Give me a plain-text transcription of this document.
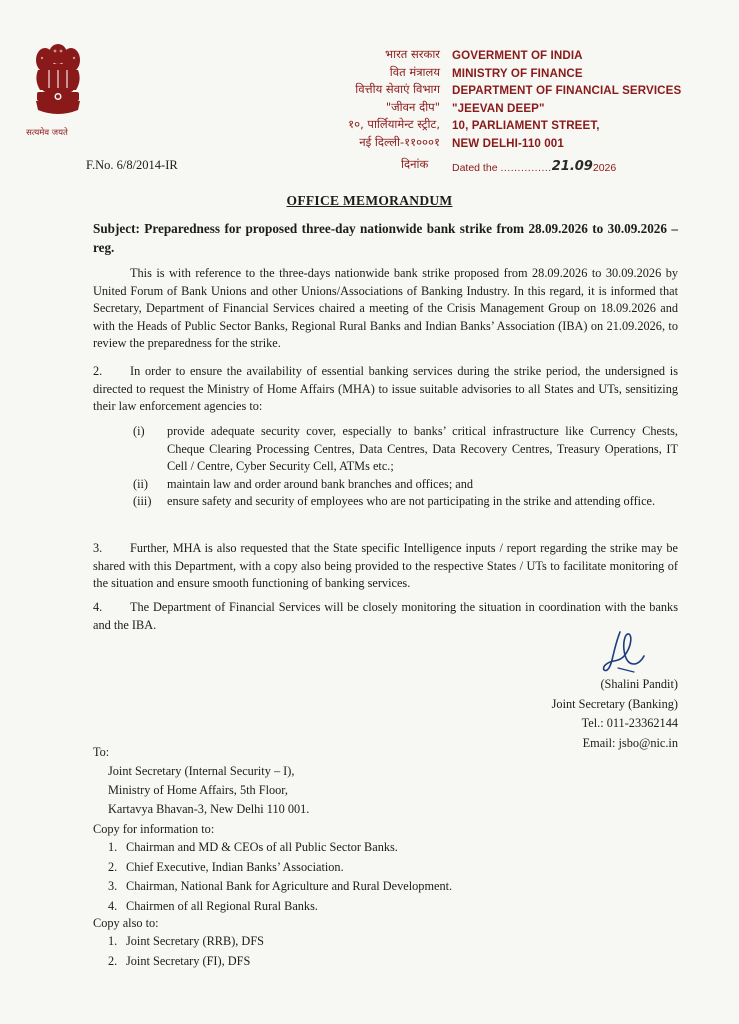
सत्यमेव जयते
भारत सरकार
वित मंत्रालय
वित्तीय सेवाएं विभाग
"जीवन दीप"
१०, पार्लियामेन्ट स्ट्रीट,
नई दिल्ली-११०००१
GOVERMENT OF INDIA
MINISTRY OF FINANCE
DEPARTMENT OF FINANCIAL SERVICES
"JEEVAN DEEP"
10, PARLIAMENT STREET,
NEW DELHI-110 001
F.No. 6/8/2014-IR	दिनांक Dated the ...............21.092026
OFFICE MEMORANDUM
Subject: Preparedness for proposed three-day nationwide bank strike from 28.09.2026 to 30.09.2026 – reg.
This is with reference to the three-days nationwide bank strike proposed from 28.09.2026 to 30.09.2026 by United Forum of Bank Unions and other Unions/Associations of Banking Industry. In this regard, it is informed that Secretary, Department of Financial Services chaired a meeting of the Crisis Management Group on 18.09.2026 and with the Heads of Public Sector Banks, Regional Rural Banks and Indian Banks’ Association (IBA) on 21.09.2026, to review the preparedness for the strike.
2. In order to ensure the availability of essential banking services during the strike period, the undersigned is directed to request the Ministry of Home Affairs (MHA) to issue suitable advisories to all States and UTs, sensitizing their law enforcement agencies to:
(i) provide adequate security cover, especially to banks’ critical infrastructure like Currency Chests, Cheque Clearing Processing Centres, Data Centres, Data Recovery Centres, Treasury Operations, IT Cell / Centre, Cyber Security Cell, ATMs etc.;
(ii) maintain law and order around bank branches and offices; and
(iii) ensure safety and security of employees who are not participating in the strike and attending office.
3. Further, MHA is also requested that the State specific Intelligence inputs / report regarding the strike may be shared with this Department, with a copy also being provided to the respective States / UTs to facilitate monitoring of the situation and ensure smooth functioning of banking services.
4. The Department of Financial Services will be closely monitoring the situation in coordination with the banks and the IBA.
(Shalini Pandit)
Joint Secretary (Banking)
Tel.: 011-23362144
Email: jsbo@nic.in
To:
Joint Secretary (Internal Security – I),
Ministry of Home Affairs, 5th Floor,
Kartavya Bhavan-3, New Delhi 110 001.
Copy for information to:
1. Chairman and MD & CEOs of all Public Sector Banks.
2. Chief Executive, Indian Banks’ Association.
3. Chairman, National Bank for Agriculture and Rural Development.
4. Chairmen of all Regional Rural Banks.
Copy also to:
1. Joint Secretary (RRB), DFS
2. Joint Secretary (FI), DFS
